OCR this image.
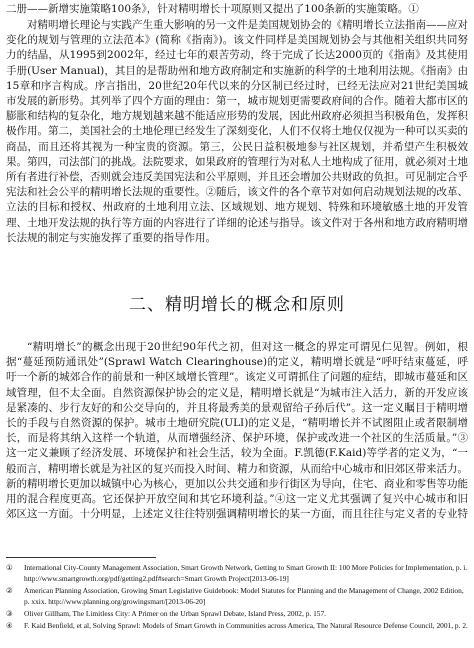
二册——新增实施策略100条》，针对精明增长十项原则又提出了100条新的实施策略。①

对精明增长理论与实践产生重大影响的另一文件是美国规划协会的《精明增长立法指南——应对变化的规划与管理的立法范本》(简称《指南》)。该文件同样是美国规划协会与其他相关组织共同努力的结晶，从1995到2002年，经过七年的艰苦劳动，终于完成了长达2000页的《指南》及其使用手册(User Manual)，其目的是帮助州和地方政府制定和实施新的科学的土地利用法规。《指南》由15章和序言构成。序言指出，20世纪20年代以来的分区制已经过时，已经无法应对21世纪美国城市发展的新形势。其列举了四个方面的理由：第一，城市规划更需要政府间的合作。随着大都市区的膨胀和结构的复杂化，地方规划越来越不能适应形势的发展，因此州政府必须担当积极角色，发挥积极作用。第二，美国社会的土地伦理已经发生了深刻变化，人们不仅将土地仅仅视为一种可以买卖的商品，而且还将其视为一种宝贵的资源。第三，公民日益积极地参与社区规划，并希望产生积极效果。第四，司法部门的挑战。法院要求，如果政府的管理行为对私人土地构成了征用，就必须对土地所有者进行补偿，否则就会违反美国宪法和公平原则，并且还会增加公共财政的负担。可见制定合乎宪法和社会公平的精明增长法规的重要性。②随后，该文件的各个章节对如何启动规划法规的改革、立法的目标和授权、州政府的土地利用立法、区域规划、地方规划、特殊和环境敏感土地的开发管理、土地开发法规的执行等方面的内容进行了详细的论述与指导。该文件对于各州和地方政府精明增长法规的制定与实施发挥了重要的指导作用。

二、精明增长的概念和原则

“精明增长”的概念出现于20世纪90年代之初，但对这一概念的界定可谓见仁见智。例如，根据“蔓延预防通讯处”(Sprawl Watch Clearinghouse)的定义，精明增长就是“呼吁结束蔓延，呼吁一个新的城郊合作的前景和一种区域增长管理”。该定义可谓抓住了问题的症结，即城市蔓延和区域管理，但不太全面。自然资源保护协会的定义是，精明增长就是“为城市注入活力，新的开发应该是紧凑的、步行友好的和公交导向的，并且将最秀美的景观留给子孙后代”。这一定义瞩目于精明增长的手段与自然资源的保护。城市土地研究院(ULI)的定义是，“精明增长并不试图阻止或者限制增长，而是将其纳入这样一个轨道，从而增强经济、保护环境，保护或改进一个社区的生活质量。”③这一定义兼顾了经济发展、环境保护和社会生活，较为全面。F.凯德(F.Kaid)等学者的定义为，“一般而言，精明增长就是为社区的复兴而投入时间、精力和资源，从而给中心城市和旧郊区带来活力。新的精明增长更加以城镇中心为核心，更加以公共交通和步行街区为导向，住宅、商业和零售等功能用的混合程度更高。它还保护开放空间和其它环境利益。”④这一定义尤其强调了复兴中心城市和旧郊区这一方面。十分明显，上述定义往往特别强调精明增长的某一方面，而且往往与定义者的专业特

① International City-County Management Association, Smart Growth Network, Getting to Smart Growth II: 100 More Policies for Implementation, p. i. http://www.smartgrowth.org/pdf/getting2.pdf#search=Smart Growth Project[2013-06-19]

② American Planning Association, Growing Smart Legislative Guidebook: Model Statutes for Planning and the Management of Change, 2002 Edition, p. xxix. http://www.planning.org/growingsmart/[2013-06-20]

③ Oliver Gillham, The Limitless City: A Primer on the Urban Sprawl Debate, Island Press, 2002, p. 157.

④ F. Kaid Benfield, et al, Solving Sprawl: Models of Smart Growth in Communities across America, The Natural Resource Defense Council, 2001, p. 2.
